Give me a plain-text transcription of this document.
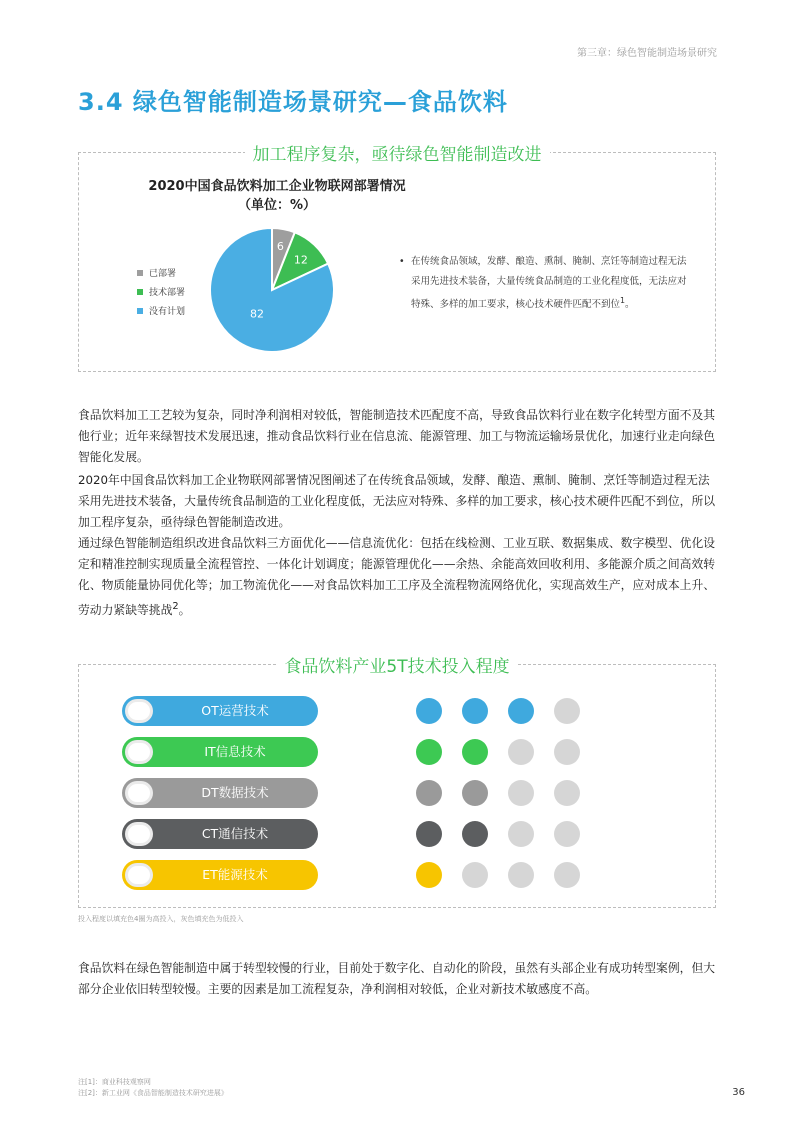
第三章：绿色智能制造场景研究
3.4 绿色智能制造场景研究—食品饮料
加工程序复杂，亟待绿色智能制造改进
2020中国食品饮料加工企业物联网部署情况
（单位：%）
已部署
技术部署
没有计划
6
12
82
• 在传统食品领域，发酵、酿造、熏制、腌制、烹饪等制造过程无法采用先进技术装备，大量传统食品制造的工业化程度低，无法应对特殊、多样的加工要求，核心技术硬件匹配不到位$^1$。

食品饮料加工工艺较为复杂，同时净利润相对较低，智能制造技术匹配度不高，导致食品饮料行业在数字化转型方面不及其他行业；近年来绿智技术发展迅速，推动食品饮料行业在信息流、能源管理、加工与物流运输场景优化，加速行业走向绿色智能化发展。

2020年中国食品饮料加工企业物联网部署情况图阐述了在传统食品领域，发酵、酿造、熏制、腌制、烹饪等制造过程无法采用先进技术装备，大量传统食品制造的工业化程度低，无法应对特殊、多样的加工要求，核心技术硬件匹配不到位，所以加工程序复杂，亟待绿色智能制造改进。

通过绿色智能制造组织改进食品饮料三方面优化——信息流优化：包括在线检测、工业互联、数据集成、数字模型、优化设定和精准控制实现质量全流程管控、一体化计划调度；能源管理优化——余热、余能高效回收利用、多能源介质之间高效转化、物质能量协同优化等；加工物流优化——对食品饮料加工工序及全流程物流网络优化，实现高效生产，应对成本上升、劳动力紧缺等挑战$^2$。

食品饮料产业5T技术投入程度
OT运营技术
IT信息技术
DT数据技术
CT通信技术
ET能源技术
投入程度以填充色4圈为高投入，灰色填充色为低投入

食品饮料在绿色智能制造中属于转型较慢的行业，目前处于数字化、自动化的阶段，虽然有头部企业有成功转型案例，但大部分企业依旧转型较慢。主要的因素是加工流程复杂，净利润相对较低，企业对新技术敏感度不高。

注[1]：商业科技观察网
注[2]：新工业网《食品智能制造技术研究进展》	36
